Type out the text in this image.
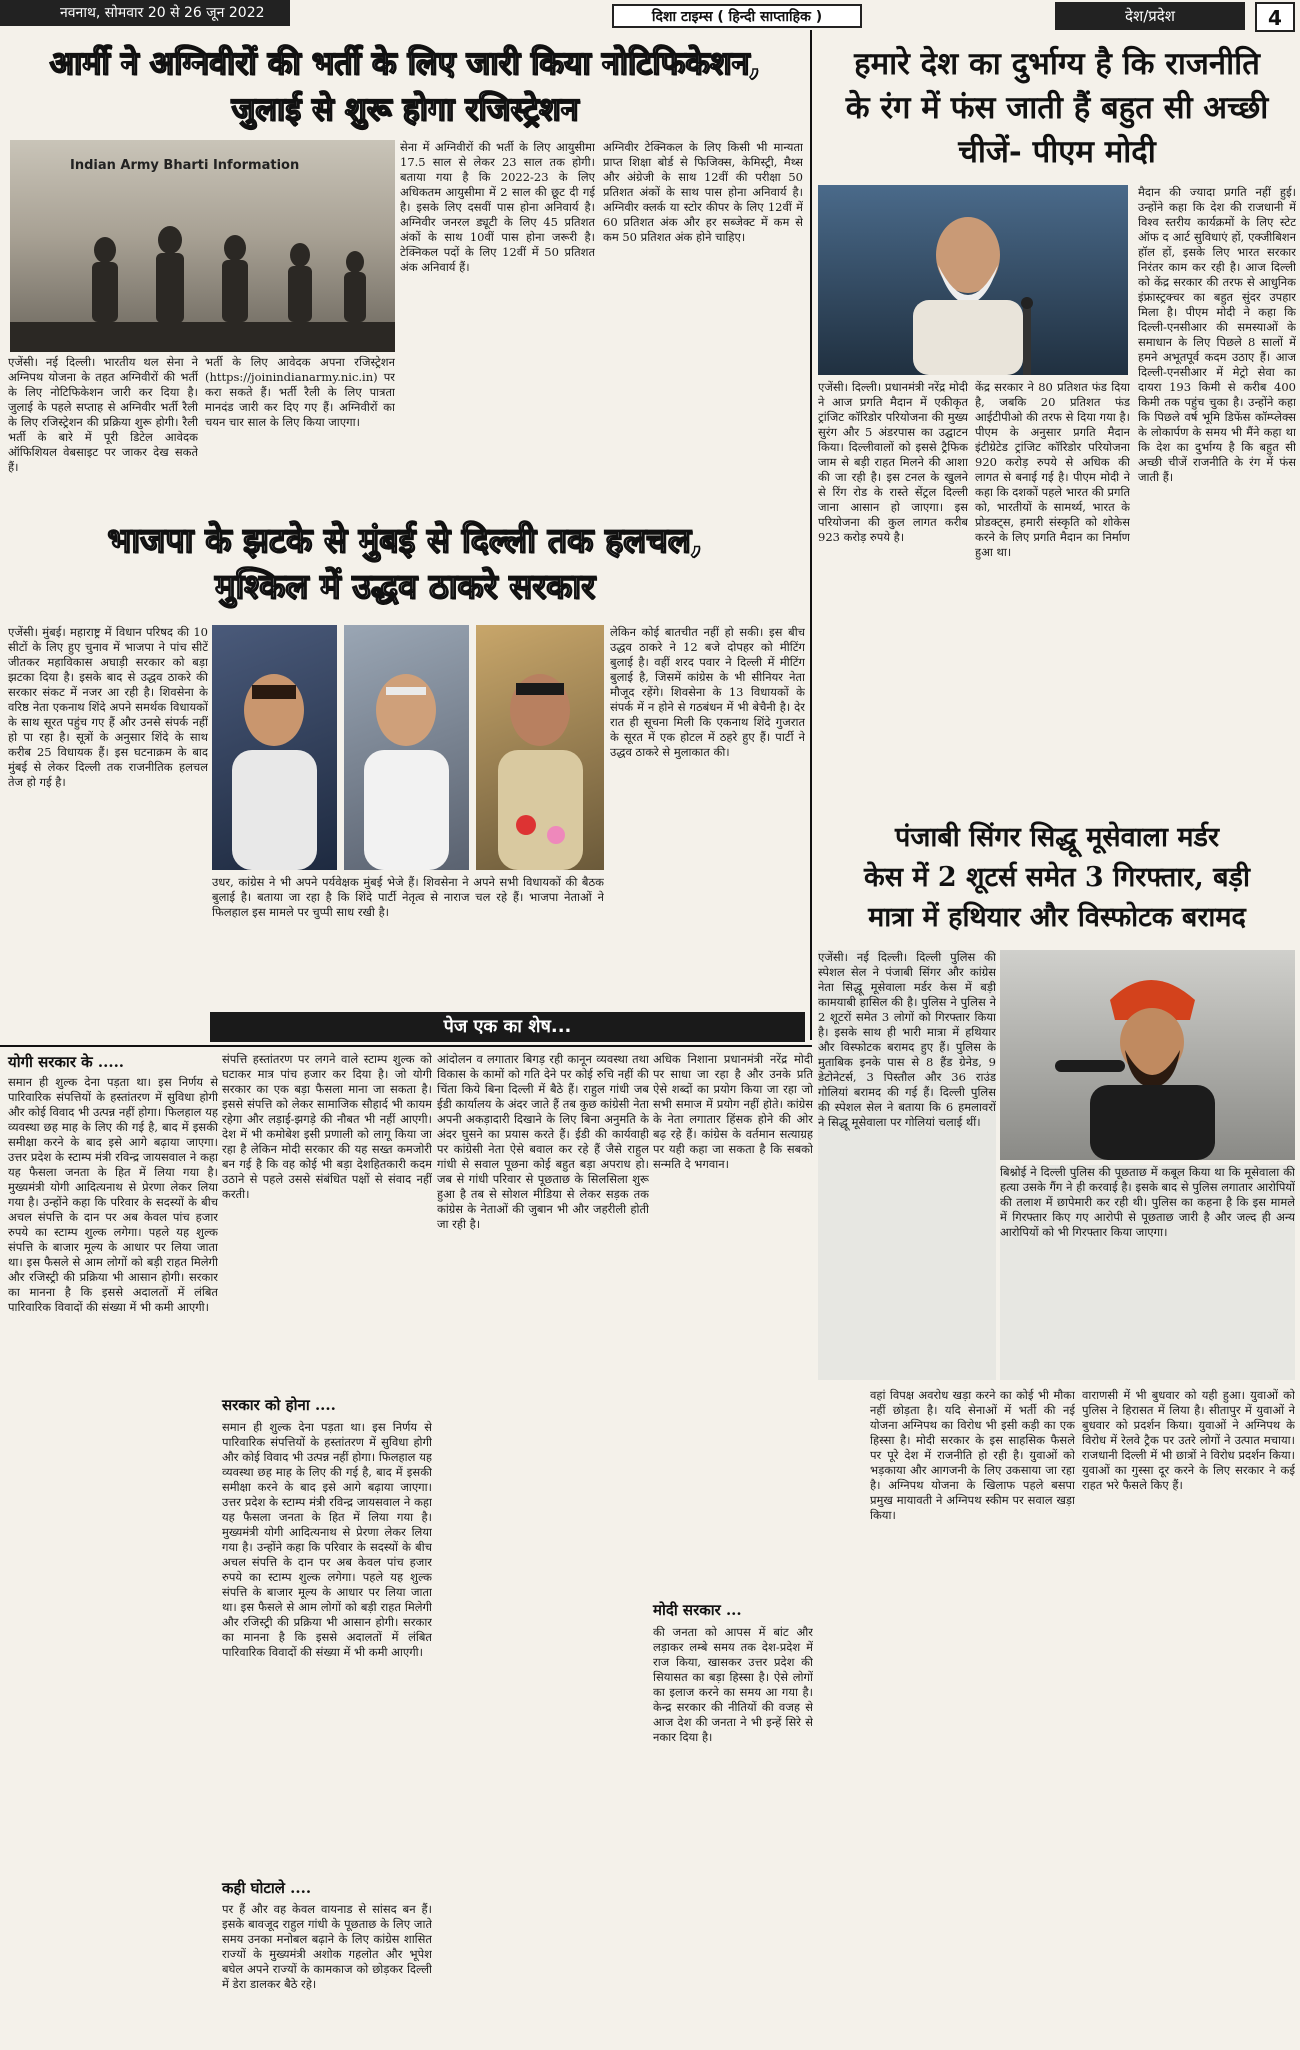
नवनाथ, सोमवार 20 से 26 जून 2022	दिशा टाइम्स ( हिन्दी साप्ताहिक )	देश/प्रदेश	4
आर्मी ने अग्निवीरों की भर्ती के लिए जारी किया नोटिफिकेशन,
जुलाई से शुरू होगा रजिस्ट्रेशन
Indian Army Bharti Information
एजेंसी। नई दिल्ली। भारतीय थल सेना ने अग्निपथ योजना के तहत अग्निवीरों की भर्ती के लिए नोटिफिकेशन जारी कर दिया है। जुलाई के पहले सप्ताह से अग्निवीर भर्ती रैली के लिए रजिस्ट्रेशन की प्रक्रिया शुरू होगी। रैली भर्ती के बारे में पूरी डिटेल आवेदक ऑफिशियल वेबसाइट पर जाकर देख सकते हैं।
भर्ती के लिए आवेदक अपना रजिस्ट्रेशन (https://joinindianarmy.nic.in) पर करा सकते हैं। भर्ती रैली के लिए पात्रता मानदंड जारी कर दिए गए हैं। अग्निवीरों का चयन चार साल के लिए किया जाएगा।
सेना में अग्निवीरों की भर्ती के लिए आयुसीमा 17.5 साल से लेकर 23 साल तक होगी। बताया गया है कि 2022-23 के लिए अधिकतम आयुसीमा में 2 साल की छूट दी गई है। इसके लिए दसवीं पास होना अनिवार्य है। अग्निवीर जनरल ड्यूटी के लिए 45 प्रतिशत अंकों के साथ 10वीं पास होना जरूरी है। टेक्निकल पदों के लिए 12वीं में 50 प्रतिशत अंक अनिवार्य हैं।
अग्निवीर टेक्निकल के लिए किसी भी मान्यता प्राप्त शिक्षा बोर्ड से फिजिक्स, केमिस्ट्री, मैथ्स और अंग्रेजी के साथ 12वीं की परीक्षा 50 प्रतिशत अंकों के साथ पास होना अनिवार्य है। अग्निवीर क्लर्क या स्टोर कीपर के लिए 12वीं में 60 प्रतिशत अंक और हर सब्जेक्ट में कम से कम 50 प्रतिशत अंक होने चाहिए।
भाजपा के झटके से मुंबई से दिल्ली तक हलचल,
मुश्किल में उद्धव ठाकरे सरकार
एजेंसी। मुंबई। महाराष्ट्र में विधान परिषद की 10 सीटों के लिए हुए चुनाव में भाजपा ने पांच सीटें जीतकर महाविकास अघाड़ी सरकार को बड़ा झटका दिया है। इसके बाद से उद्धव ठाकरे की सरकार संकट में नजर आ रही है। शिवसेना के वरिष्ठ नेता एकनाथ शिंदे अपने समर्थक विधायकों के साथ सूरत पहुंच गए हैं और उनसे संपर्क नहीं हो पा रहा है। सूत्रों के अनुसार शिंदे के साथ करीब 25 विधायक हैं। इस घटनाक्रम के बाद मुंबई से लेकर दिल्ली तक राजनीतिक हलचल तेज हो गई है।
उधर, कांग्रेस ने भी अपने पर्यवेक्षक मुंबई भेजे हैं। शिवसेना ने अपने सभी विधायकों की बैठक बुलाई है। बताया जा रहा है कि शिंदे पार्टी नेतृत्व से नाराज चल रहे हैं। भाजपा नेताओं ने फिलहाल इस मामले पर चुप्पी साध रखी है।
लेकिन कोई बातचीत नहीं हो सकी। इस बीच उद्धव ठाकरे ने 12 बजे दोपहर को मीटिंग बुलाई है। वहीं शरद पवार ने दिल्ली में मीटिंग बुलाई है, जिसमें कांग्रेस के भी सीनियर नेता मौजूद रहेंगे। शिवसेना के 13 विधायकों के संपर्क में न होने से गठबंधन में भी बेचैनी है। देर रात ही सूचना मिली कि एकनाथ शिंदे गुजरात के सूरत में एक होटल में ठहरे हुए हैं। पार्टी ने उद्धव ठाकरे से मुलाकात की।
पेज एक का शेष...
हमारे देश का दुर्भाग्य है कि राजनीति
के रंग में फंस जाती हैं बहुत सी अच्छी
चीजें- पीएम मोदी
एजेंसी। दिल्ली। प्रधानमंत्री नरेंद्र मोदी ने आज प्रगति मैदान में एकीकृत ट्रांजिट कॉरिडोर परियोजना की मुख्य सुरंग और 5 अंडरपास का उद्घाटन किया। दिल्लीवालों को इससे ट्रैफिक जाम से बड़ी राहत मिलने की आशा की जा रही है। इस टनल के खुलने से रिंग रोड के रास्ते सेंट्रल दिल्ली जाना आसान हो जाएगा। इस परियोजना की कुल लागत करीब 923 करोड़ रुपये है।
केंद्र सरकार ने 80 प्रतिशत फंड दिया है, जबकि 20 प्रतिशत फंड आईटीपीओ की तरफ से दिया गया है। पीएम के अनुसार प्रगति मैदान इंटीग्रेटेड ट्रांजिट कॉरिडोर परियोजना 920 करोड़ रुपये से अधिक की लागत से बनाई गई है। पीएम मोदी ने कहा कि दशकों पहले भारत की प्रगति को, भारतीयों के सामर्थ्य, भारत के प्रोडक्ट्स, हमारी संस्कृति को शोकेस करने के लिए प्रगति मैदान का निर्माण हुआ था।
मैदान की ज्यादा प्रगति नहीं हुई। उन्होंने कहा कि देश की राजधानी में विश्व स्तरीय कार्यक्रमों के लिए स्टेट ऑफ द आर्ट सुविधाएं हों, एक्जीबिशन हॉल हों, इसके लिए भारत सरकार निरंतर काम कर रही है। आज दिल्ली को केंद्र सरकार की तरफ से आधुनिक इंफ्रास्ट्रक्चर का बहुत सुंदर उपहार मिला है। पीएम मोदी ने कहा कि दिल्ली-एनसीआर की समस्याओं के समाधान के लिए पिछले 8 सालों में हमने अभूतपूर्व कदम उठाए हैं। आज दिल्ली-एनसीआर में मेट्रो सेवा का दायरा 193 किमी से करीब 400 किमी तक पहुंच चुका है। उन्होंने कहा कि पिछले वर्ष भूमि डिफेंस कॉम्प्लेक्स के लोकार्पण के समय भी मैंने कहा था कि देश का दुर्भाग्य है कि बहुत सी अच्छी चीजें राजनीति के रंग में फंस जाती हैं।
पंजाबी सिंगर सिद्धू मूसेवाला मर्डर
केस में 2 शूटर्स समेत 3 गिरफ्तार, बड़ी
मात्रा में हथियार और विस्फोटक बरामद
एजेंसी। नई दिल्ली। दिल्ली पुलिस की स्पेशल सेल ने पंजाबी सिंगर और कांग्रेस नेता सिद्धू मूसेवाला मर्डर केस में बड़ी कामयाबी हासिल की है। पुलिस ने पुलिस ने 2 शूटरों समेत 3 लोगों को गिरफ्तार किया है। इसके साथ ही भारी मात्रा में हथियार और विस्फोटक बरामद हुए हैं। पुलिस के मुताबिक इनके पास से 8 हैंड ग्रेनेड, 9 डेटोनेटर्स, 3 पिस्तौल और 36 राउंड गोलियां बरामद की गई हैं। दिल्ली पुलिस की स्पेशल सेल ने बताया कि 6 हमलावरों ने सिद्धू मूसेवाला पर गोलियां चलाई थीं।
बिश्नोई ने दिल्ली पुलिस की पूछताछ में कबूल किया था कि मूसेवाला की हत्या उसके गैंग ने ही करवाई है। इसके बाद से पुलिस लगातार आरोपियों की तलाश में छापेमारी कर रही थी। पुलिस का कहना है कि इस मामले में गिरफ्तार किए गए आरोपी से पूछताछ जारी है और जल्द ही अन्य आरोपियों को भी गिरफ्तार किया जाएगा।
योगी सरकार के .....
समान ही शुल्क देना पड़ता था। इस निर्णय से पारिवारिक संपत्तियों के हस्तांतरण में सुविधा होगी और कोई विवाद भी उत्पन्न नहीं होगा। फिलहाल यह व्यवस्था छह माह के लिए की गई है, बाद में इसकी समीक्षा करने के बाद इसे आगे बढ़ाया जाएगा। उत्तर प्रदेश के स्टाम्प मंत्री रविन्द्र जायसवाल ने कहा यह फैसला जनता के हित में लिया गया है। मुख्यमंत्री योगी आदित्यनाथ से प्रेरणा लेकर लिया गया है। उन्होंने कहा कि परिवार के सदस्यों के बीच अचल संपत्ति के दान पर अब केवल पांच हजार रुपये का स्टाम्प शुल्क लगेगा। पहले यह शुल्क संपत्ति के बाजार मूल्य के आधार पर लिया जाता था। इस फैसले से आम लोगों को बड़ी राहत मिलेगी और रजिस्ट्री की प्रक्रिया भी आसान होगी। सरकार का मानना है कि इससे अदालतों में लंबित पारिवारिक विवादों की संख्या में भी कमी आएगी।
संपत्ति हस्तांतरण पर लगने वाले स्टाम्प शुल्क को घटाकर मात्र पांच हजार कर दिया है। जो योगी सरकार का एक बड़ा फैसला माना जा सकता है। इससे संपत्ति को लेकर सामाजिक सौहार्द भी कायम रहेगा और लड़ाई-झगड़े की नौबत भी नहीं आएगी। देश में भी कमोबेश इसी प्रणाली को लागू किया जा रहा है लेकिन मोदी सरकार की यह सख्त कमजोरी बन गई है कि वह कोई भी बड़ा देशहितकारी कदम उठाने से पहले उससे संबंधित पक्षों से संवाद नहीं करती।
सरकार को होना ....
समान ही शुल्क देना पड़ता था। इस निर्णय से पारिवारिक संपत्तियों के हस्तांतरण में सुविधा होगी और कोई विवाद भी उत्पन्न नहीं होगा। फिलहाल यह व्यवस्था छह माह के लिए की गई है, बाद में इसकी समीक्षा करने के बाद इसे आगे बढ़ाया जाएगा। उत्तर प्रदेश के स्टाम्प मंत्री रविन्द्र जायसवाल ने कहा यह फैसला जनता के हित में लिया गया है। मुख्यमंत्री योगी आदित्यनाथ से प्रेरणा लेकर लिया गया है। उन्होंने कहा कि परिवार के सदस्यों के बीच अचल संपत्ति के दान पर अब केवल पांच हजार रुपये का स्टाम्प शुल्क लगेगा। पहले यह शुल्क संपत्ति के बाजार मूल्य के आधार पर लिया जाता था। इस फैसले से आम लोगों को बड़ी राहत मिलेगी और रजिस्ट्री की प्रक्रिया भी आसान होगी। सरकार का मानना है कि इससे अदालतों में लंबित पारिवारिक विवादों की संख्या में भी कमी आएगी।
कही घोटाले ....
पर हैं और वह केवल वायनाड से सांसद बन हैं। इसके बावजूद राहुल गांधी के पूछताछ के लिए जाते समय उनका मनोबल बढ़ाने के लिए कांग्रेस शासित राज्यों के मुख्यमंत्री अशोक गहलोत और भूपेश बघेल अपने राज्यों के कामकाज को छोड़कर दिल्ली में डेरा डालकर बैठे रहे।
आंदोलन व लगातार बिगड़ रही कानून व्यवस्था तथा विकास के कामों को गति देने पर कोई रुचि नहीं की चिंता किये बिना दिल्ली में बैठे हैं। राहुल गांधी जब ईडी कार्यालय के अंदर जाते हैं तब कुछ कांग्रेसी नेता अपनी अकड़ादारी दिखाने के लिए बिना अनुमति के अंदर घुसने का प्रयास करते हैं। ईडी की कार्यवाही पर कांग्रेसी नेता ऐसे बवाल कर रहे हैं जैसे राहुल गांधी से सवाल पूछना कोई बहुत बड़ा अपराध हो। जब से गांधी परिवार से पूछताछ के सिलसिला शुरू हुआ है तब से सोशल मीडिया से लेकर सड़क तक कांग्रेस के नेताओं की जुबान भी और जहरीली होती जा रही है।
अधिक निशाना प्रधानमंत्री नरेंद्र मोदी पर साधा जा रहा है और उनके प्रति ऐसे शब्दों का प्रयोग किया जा रहा जो सभी समाज में प्रयोग नहीं होते। कांग्रेस के नेता लगातार हिंसक होने की ओर बढ़ रहे हैं। कांग्रेस के वर्तमान सत्याग्रह पर यही कहा जा सकता है कि सबको सन्मति दे भगवान।
मोदी सरकार ...
की जनता को आपस में बांट और लड़ाकर लम्बे समय तक देश-प्रदेश में राज किया, खासकर उत्तर प्रदेश की सियासत का बड़ा हिस्सा है। ऐसे लोगों का इलाज करने का समय आ गया है। केन्द्र सरकार की नीतियों की वजह से आज देश की जनता ने भी इन्हें सिरे से नकार दिया है।
वहां विपक्ष अवरोध खड़ा करने का कोई भी मौका नहीं छोड़ता है। यदि सेनाओं में भर्ती की नई योजना अग्निपथ का विरोध भी इसी कड़ी का एक हिस्सा है। मोदी सरकार के इस साहसिक फैसले पर पूरे देश में राजनीति हो रही है। युवाओं को भड़काया और आगजनी के लिए उकसाया जा रहा है। अग्निपथ योजना के खिलाफ पहले बसपा प्रमुख मायावती ने अग्निपथ स्कीम पर सवाल खड़ा किया।
वाराणसी में भी बुधवार को यही हुआ। युवाओं को पुलिस ने हिरासत में लिया है। सीतापुर में युवाओं ने बुधवार को प्रदर्शन किया। युवाओं ने अग्निपथ के विरोध में रेलवे ट्रैक पर उतरे लोगों ने उत्पात मचाया। राजधानी दिल्ली में भी छात्रों ने विरोध प्रदर्शन किया। युवाओं का गुस्सा दूर करने के लिए सरकार ने कई राहत भरे फैसले किए हैं।
